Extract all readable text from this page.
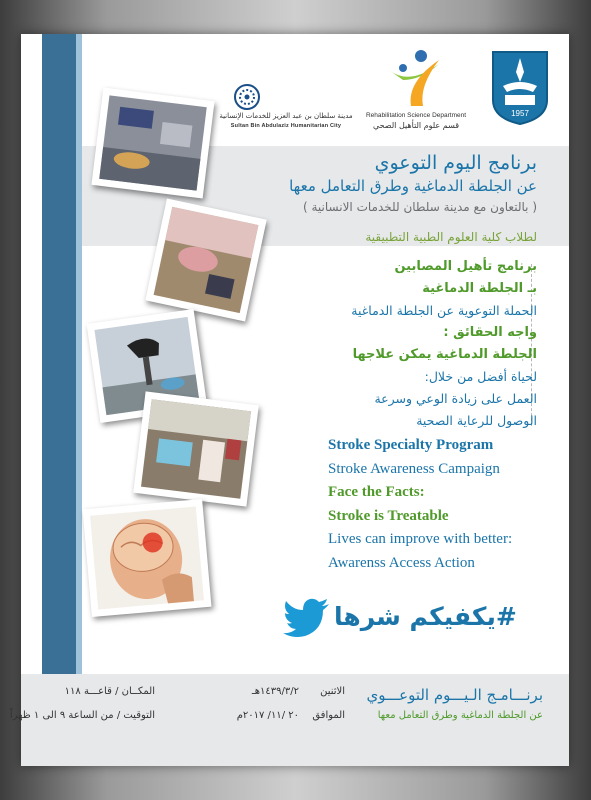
1957
Rehabilitation Science Department
قسم علوم التأهيل الصحي
مدينة سلطان بن عبد العزيز للخدمات الإنسانية
Sultan Bin Abdulaziz Humanitarian City
برنامج اليوم التوعوي
عن الجلطة الدماغية وطرق التعامل معها
( بالتعاون مع مدينة سلطان للخدمات الانسانية )
لطلاب كلية العلوم الطبية التطبيقية
برنامج تأهيل المصابين
بـ الجلطة الدماغية
الحملة التوعوية عن الجلطة الدماغية
واجه الحقائق :
الجلطة الدماغية يمكن علاجها
لحياة أفضل من خلال:
العمل على زيادة الوعي وسرعة
الوصول للرعاية الصحية
Stroke Specialty Program
Stroke Awareness Campaign
Face the Facts:
Stroke is Treatable
Lives can improve with better:
Awarenss Access Action
#يكفيكم شرها
برنـــامـج الـيـــوم التوعـــوي
عن الجلطة الدماغية وطرق التعامل معها
الاثنين
١٤٣٩/٣/٢هـ
الموافق
٢٠ /١١/ ٢٠١٧م
المكــان / قاعـــة ١١٨
التوقيت / من الساعة ٩ الى ١ ظهراً
